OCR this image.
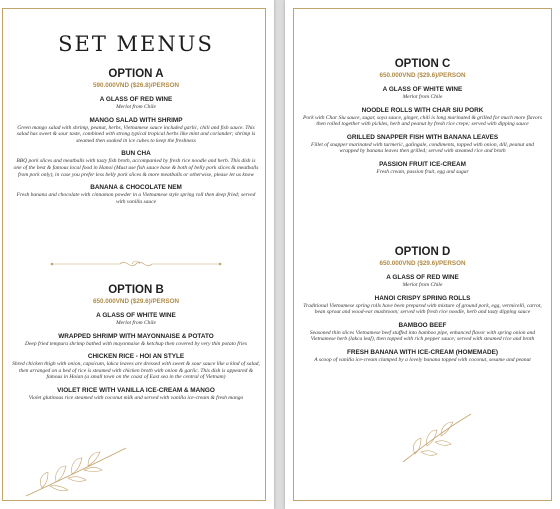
SET MENUS
OPTION A
590.000VND ($26.8)/PERSON
A GLASS OF RED WINE
Merlot from Chile
MANGO SALAD WITH SHRIMP
Green mango salad with shrimp, peanut, herbs, Vietnamese sauce included garlic, chili and fish sauce. This salad has sweet & sour taste, combined with strong typical tropical herbs like mint and coriander; shrimp is steamed then soaked in ice cubes to keep the freshness
BUN CHA
BBQ pork slices and meatballs with tasty fish broth, accompanied by fresh rice noodle and herb. This dish is one of the best & famous local food in Hanoi (Must use fish sauce base & both of belly pork slices & meatballs from pork only), in case you prefer less belly pork slices & more meatballs or otherwise, please let us know
BANANA & CHOCOLATE NEM
Fresh banana and chocolate with cinnamon powder in a Vietnamese style spring roll then deep fried; served with vanilla sauce
OPTION B
650.000VND ($29.6)/PERSON
A GLASS OF WHITE WINE
Merlot from Chile
WRAPPED SHRIMP WITH MAYONNAISE & POTATO
Deep fried tempura shrimp bathed with mayonnaise & ketchup then covered by very thin potato fries
CHICKEN RICE - HOI AN STYLE
Shred chicken thigh with onion, capsicum, lakca leaves are dressed with sweet & sour sauce like a kind of salad, then arranged on a bed of rice is steamed with chicken broth with onion & garlic. This dish is appeared & famous in Hoian (a small town on the coast of East sea in the central of Vietnam)
VIOLET RICE WITH VANILLA ICE-CREAM & MANGO
Violet glutinous rice steamed with coconut milk and served with vanilla ice-cream & fresh mango
OPTION C
650.000VND ($29.6)/PERSON
A GLASS OF WHITE WINE
Merlot from Chile
NOODLE ROLLS WITH CHAR SIU PORK
Pork with Char Siu sauce, sugar, soya sauce, ginger, chili is long marinated & grilled for much more flavors then rolled together with pickles, herb and peanut by fresh rice crepe; served with dipping sauce
GRILLED SNAPPER FISH WITH BANANA LEAVES
Fillet of snapper marinated with turmeric, galingale, condiments, topped with onion, dill, peanut and wrapped by banana leaves then grilled; served with steamed rice and broth
PASSION FRUIT ICE-CREAM
Fresh cream, passion fruit, egg and sugar
OPTION D
650.000VND ($29.6)/PERSON
A GLASS OF RED WINE
Merlot from Chile
HANOI CRISPY SPRING ROLLS
Traditional Vietnamese spring rolls have been prepared with mixture of ground pork, egg, vermicelli, carrot, bean sprout and wood-ear mushroom; served with fresh rice noodle, herb and tasty dipping sauce
BAMBOO BEEF
Seasoned thin slices Vietnamese beef stuffed into bamboo pipe, enhanced flavor with spring onion and Vietnamese herb (lakca leaf), then topped with rich pepper sauce; served with steamed rice and broth
FRESH BANANA WITH ICE-CREAM (HOMEMADE)
A scoop of vanilla ice-cream clamped by a lovely banana topped with coconut, sesame and peanut
